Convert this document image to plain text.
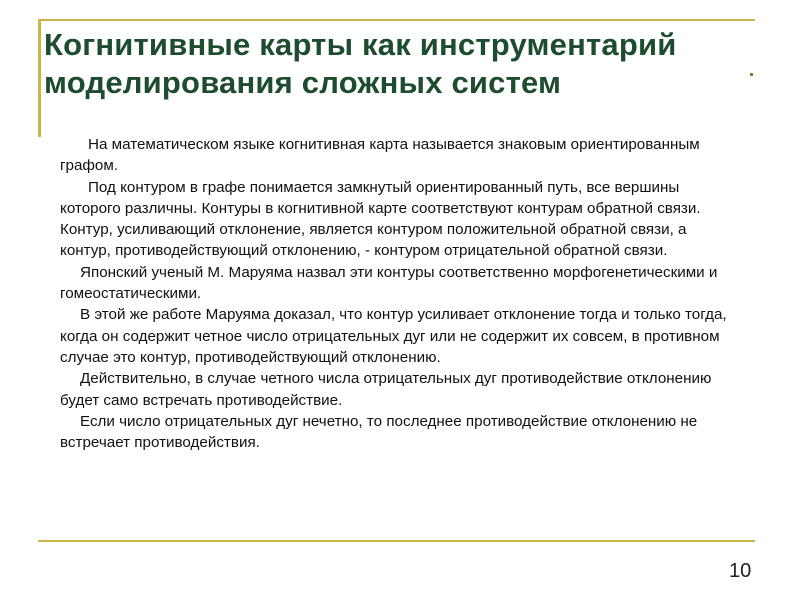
Когнитивные карты как инструментарий моделирования сложных систем

На математическом языке когнитивная карта называется знаковым ориентированным графом.

Под контуром в графе понимается замкнутый ориентированный путь, все вершины которого различны. Контуры в когнитивной карте соответствуют контурам обратной связи. Контур, усиливающий отклонение, является контуром положительной обратной связи, а контур, противодействующий отклонению, - контуром отрицательной обратной связи.

Японский ученый М. Маруяма назвал эти контуры соответственно морфогенетическими и гомеостатическими.

В этой же работе Маруяма доказал, что контур усиливает отклонение тогда и только тогда, когда он содержит четное число отрицательных дуг или не содержит их совсем, в противном случае это контур, противодействующий отклонению.

Действительно, в случае четного числа отрицательных дуг противодействие отклонению будет само встречать противодействие.

Если число отрицательных дуг нечетно, то последнее противодействие отклонению не встречает противодействия.

10
